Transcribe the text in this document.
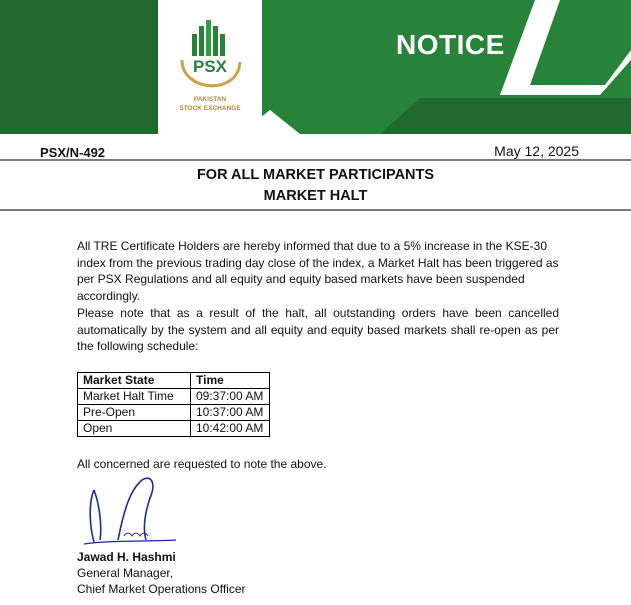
PSX
PAKISTAN
STOCK EXCHANGE
NOTICE
PSX/N-492	May 12, 2025
FOR ALL MARKET PARTICIPANTS
MARKET HALT

All TRE Certificate Holders are hereby informed that due to a 5% increase in the KSE-30 index from the previous trading day close of the index, a Market Halt has been triggered as per PSX Regulations and all equity and equity based markets have been suspended accordingly.

Please note that as a result of the halt, all outstanding orders have been cancelled automatically by the system and all equity and equity based markets shall re-open as per the following schedule:

Market State	Time
Market Halt Time	09:37:00 AM
Pre-Open	10:37:00 AM
Open	10:42:00 AM

All concerned are requested to note the above.

Jawad H. Hashmi
General Manager,
Chief Market Operations Officer
